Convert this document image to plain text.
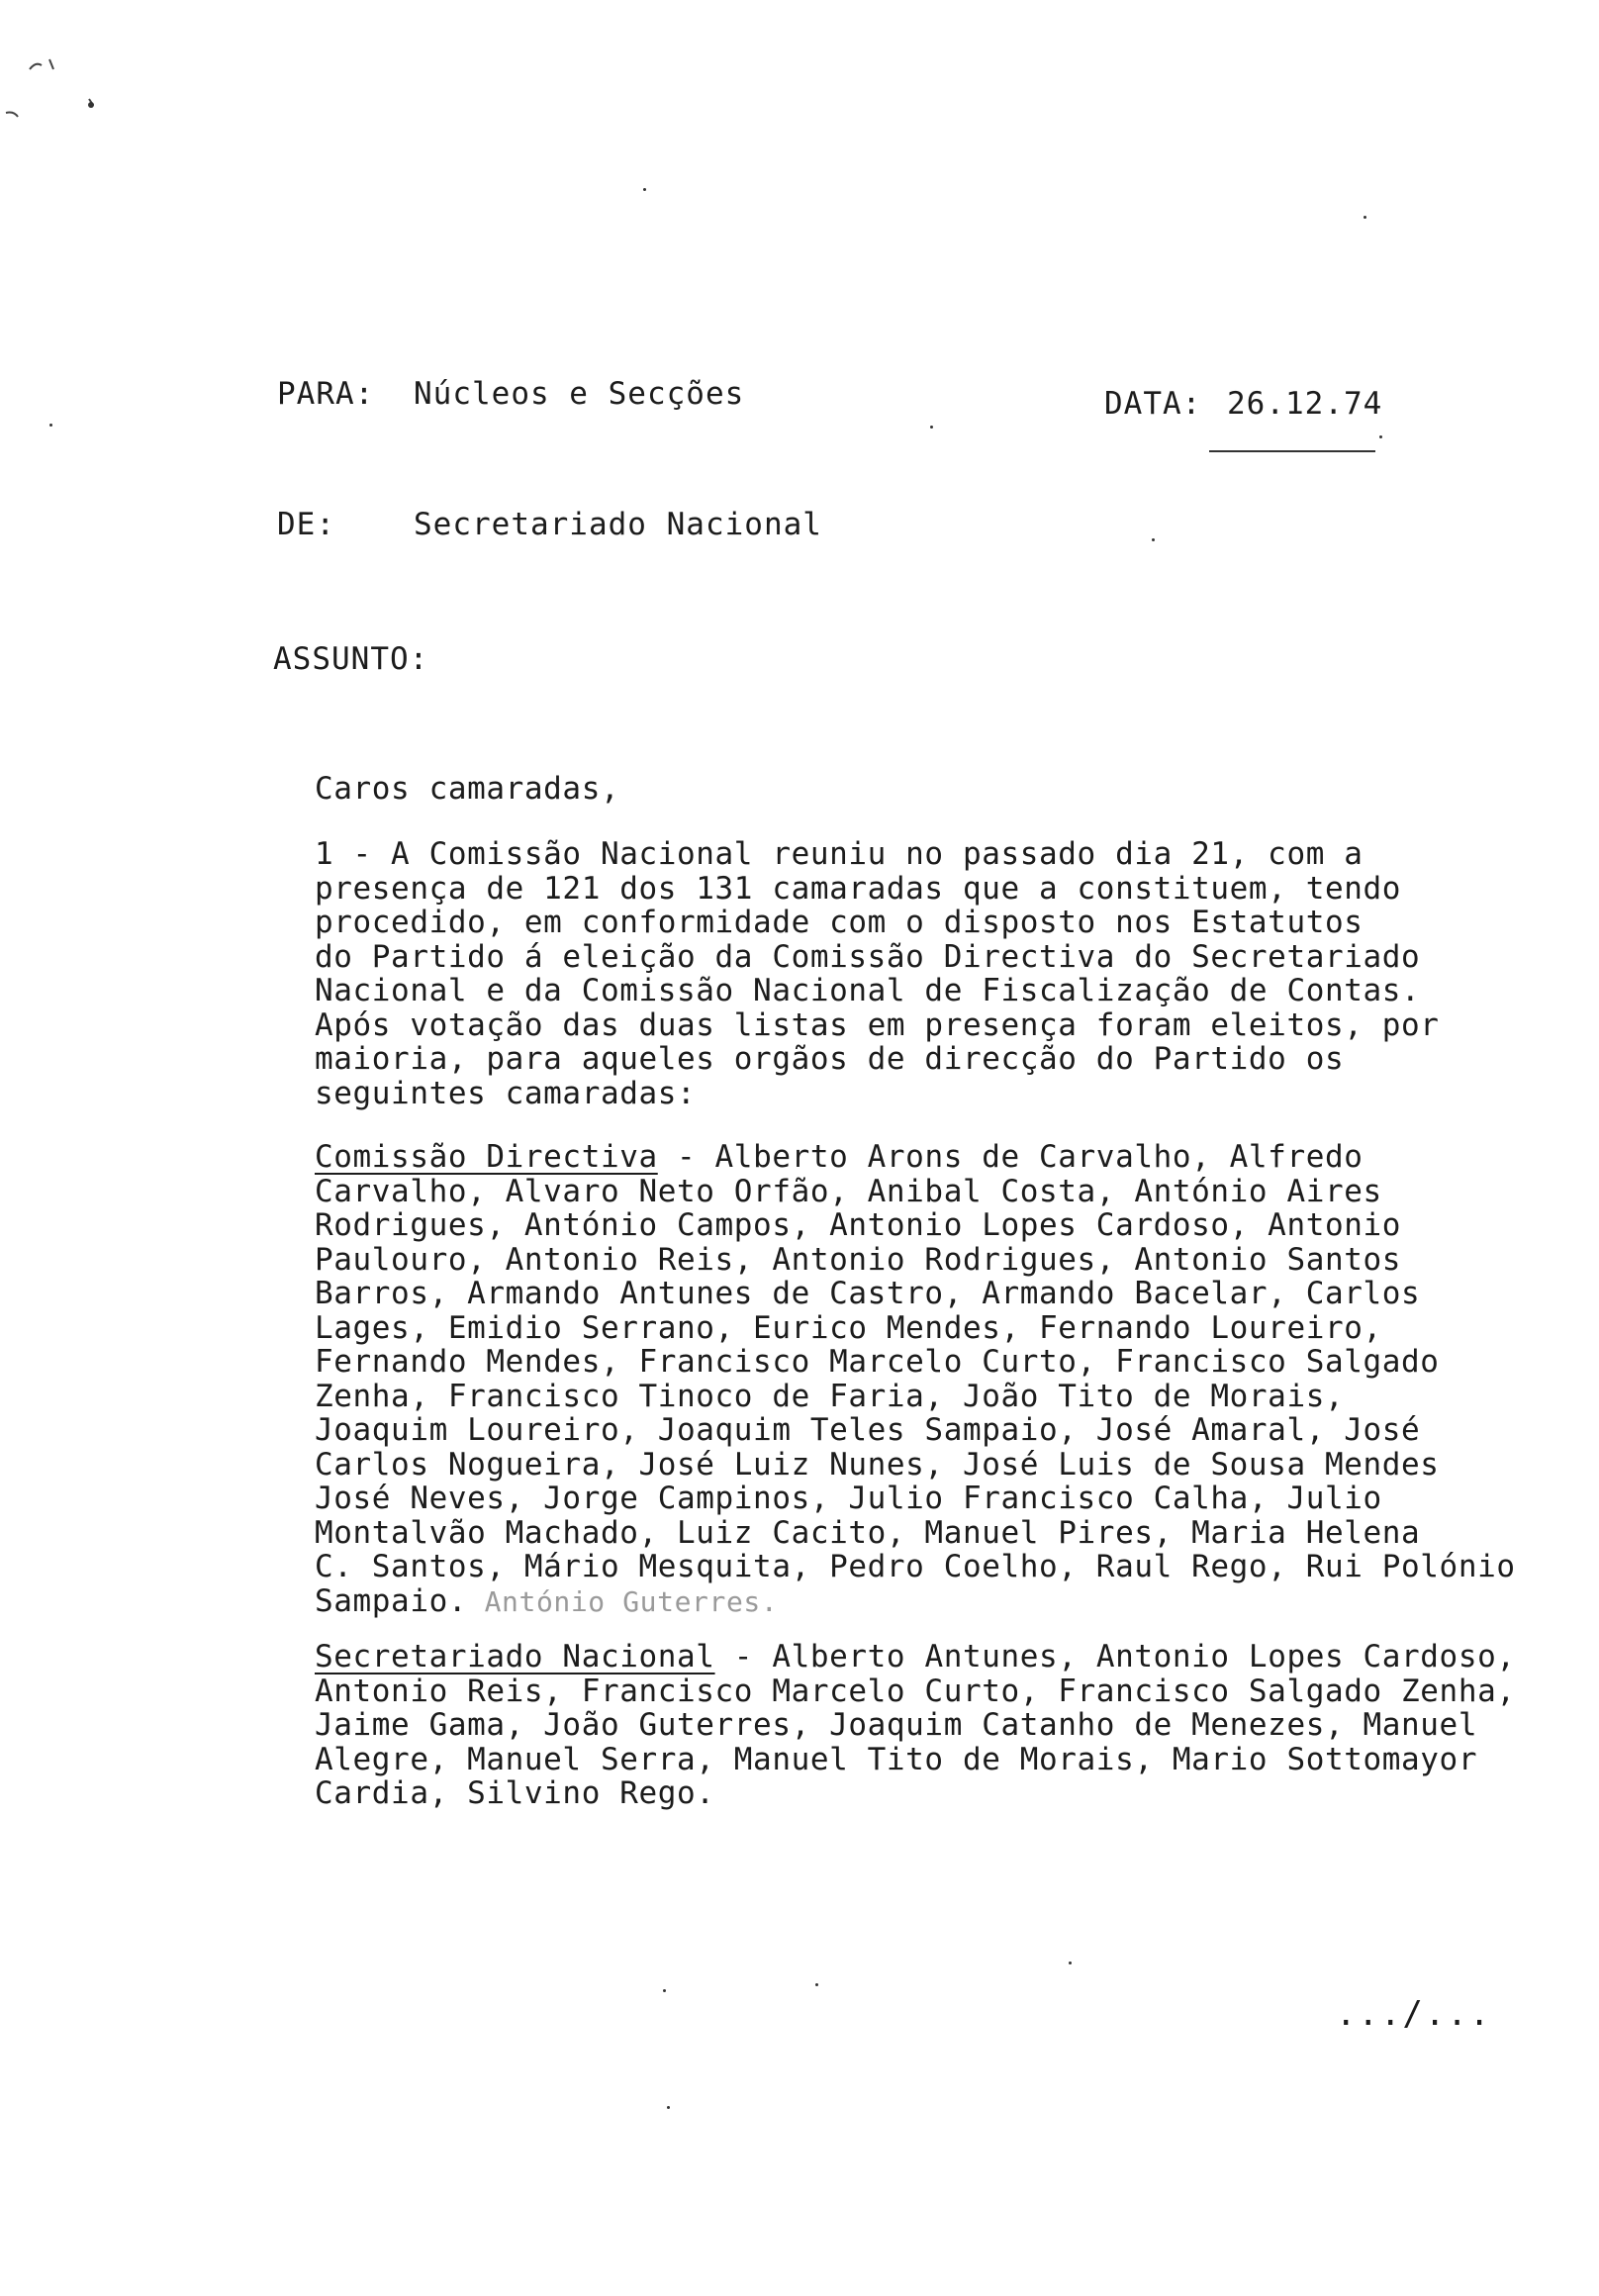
PARA: Núcleos e Secções	DATA: 26.12.74
DE:	Secretariado Nacional
ASSUNTO:
Caros camaradas,
1 - A Comissão Nacional reuniu no passado dia 21, com a
presença de 121 dos 131 camaradas que a constituem, tendo
procedido, em conformidade com o disposto nos Estatutos
do Partido á eleição da Comissão Directiva do Secretariado
Nacional e da Comissão Nacional de Fiscalização de Contas.
Após votação das duas listas em presença foram eleitos, por
maioria, para aqueles orgãos de direcção do Partido os
seguintes camaradas:
Comissão Directiva - Alberto Arons de Carvalho, Alfredo
Carvalho, Alvaro Neto Orfão, Anibal Costa, António Aires
Rodrigues, António Campos, Antonio Lopes Cardoso, Antonio
Paulouro, Antonio Reis, Antonio Rodrigues, Antonio Santos
Barros, Armando Antunes de Castro, Armando Bacelar, Carlos
Lages, Emidio Serrano, Eurico Mendes, Fernando Loureiro,
Fernando Mendes, Francisco Marcelo Curto, Francisco Salgado
Zenha, Francisco Tinoco de Faria, João Tito de Morais,
Joaquim Loureiro, Joaquim Teles Sampaio, José Amaral, José
Carlos Nogueira, José Luiz Nunes, José Luis de Sousa Mendes
José Neves, Jorge Campinos, Julio Francisco Calha, Julio
Montalvão Machado, Luiz Cacito, Manuel Pires, Maria Helena
C. Santos, Mário Mesquita, Pedro Coelho, Raul Rego, Rui Polónio
Sampaio. António Guterres.
Secretariado Nacional - Alberto Antunes, Antonio Lopes Cardoso,
Antonio Reis, Francisco Marcelo Curto, Francisco Salgado Zenha,
Jaime Gama, João Guterres, Joaquim Catanho de Menezes, Manuel
Alegre, Manuel Serra, Manuel Tito de Morais, Mario Sottomayor
Cardia, Silvino Rego.
.../...
